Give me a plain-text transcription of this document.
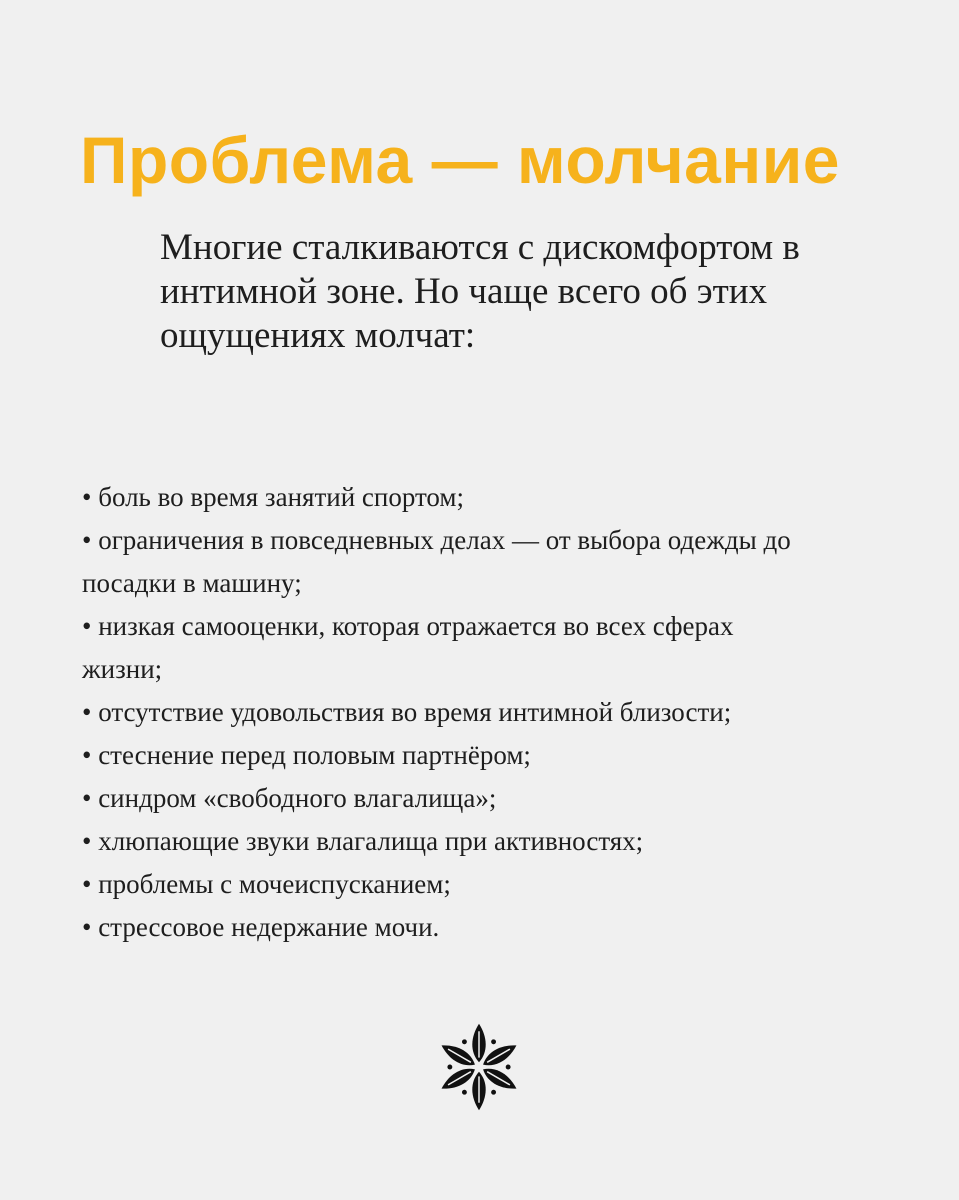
Проблема — молчание

Многие сталкиваются с дискомфортом в интимной зоне. Но чаще всего об этих ощущениях молчат:

• боль во время занятий спортом;
• ограничения в повседневных делах — от выбора одежды до посадки в машину;
• низкая самооценки, которая отражается во всех сферах жизни;
• отсутствие удовольствия во время интимной близости;
• стеснение перед половым партнёром;
• синдром «свободного влагалища»;
• хлюпающие звуки влагалища при активностях;
• проблемы с мочеиспусканием;
• стрессовое недержание мочи.
